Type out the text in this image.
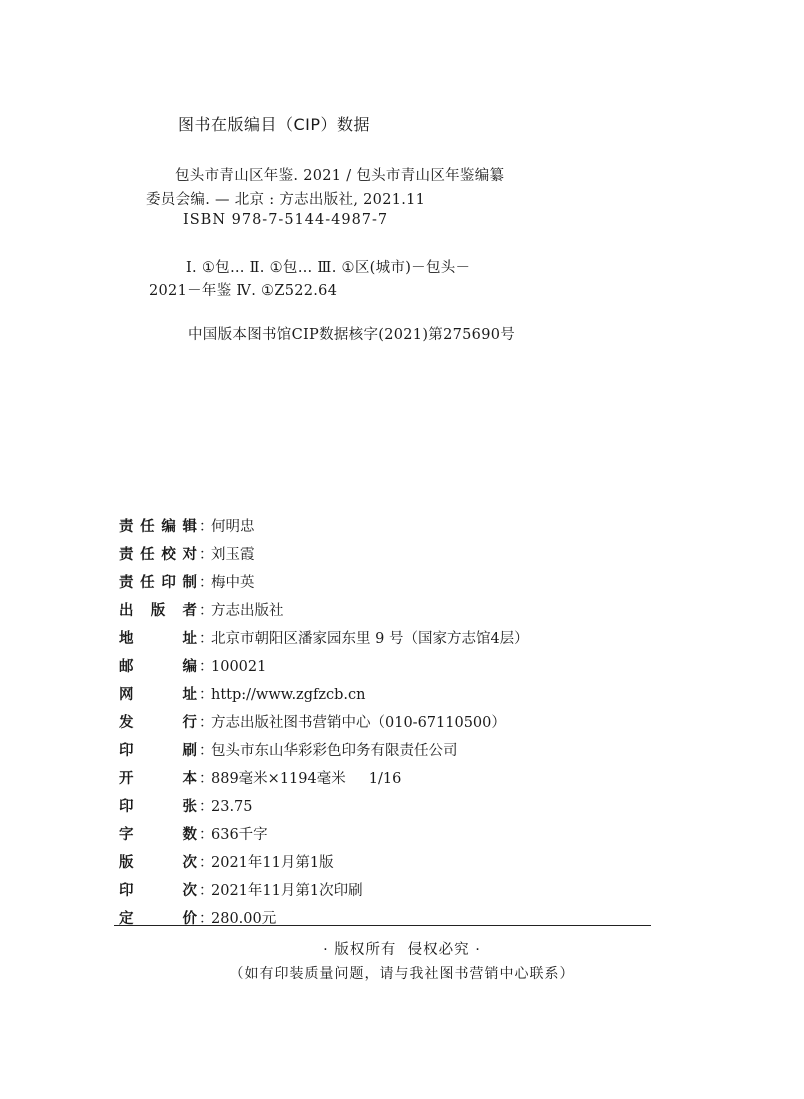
图书在版编目（CIP）数据
包头市青山区年鉴. 2021 / 包头市青山区年鉴编纂
委员会编. — 北京 : 方志出版社, 2021.11
ISBN 978-7-5144-4987-7
Ⅰ. ①包… Ⅱ. ①包… Ⅲ. ①区(城市)－包头－
2021－年鉴 Ⅳ. ①Z522.64
中国版本图书馆CIP数据核字(2021)第275690号
责任编辑 ：
何明忠
责任校对 ：
刘玉霞
责任印制 ：
梅中英
出版者 ：
方志出版社
地址 ：
北京市朝阳区潘家园东里 9 号（国家方志馆4层）
邮编 ：
100021
网址 ：
http://www.zgfzcb.cn
发行 ：
方志出版社图书营销中心（010-67110500）
印刷 ：
包头市东山华彩彩色印务有限责任公司
开本 ：
889毫米×1194毫米     1/16
印张 ：
23.75
字数 ：
636千字
版次 ：
2021年11月第1版
印次 ：
2021年11月第1次印刷
定价 ：
280.00元
· 版权所有  侵权必究 ·
（如有印装质量问题，请与我社图书营销中心联系）
